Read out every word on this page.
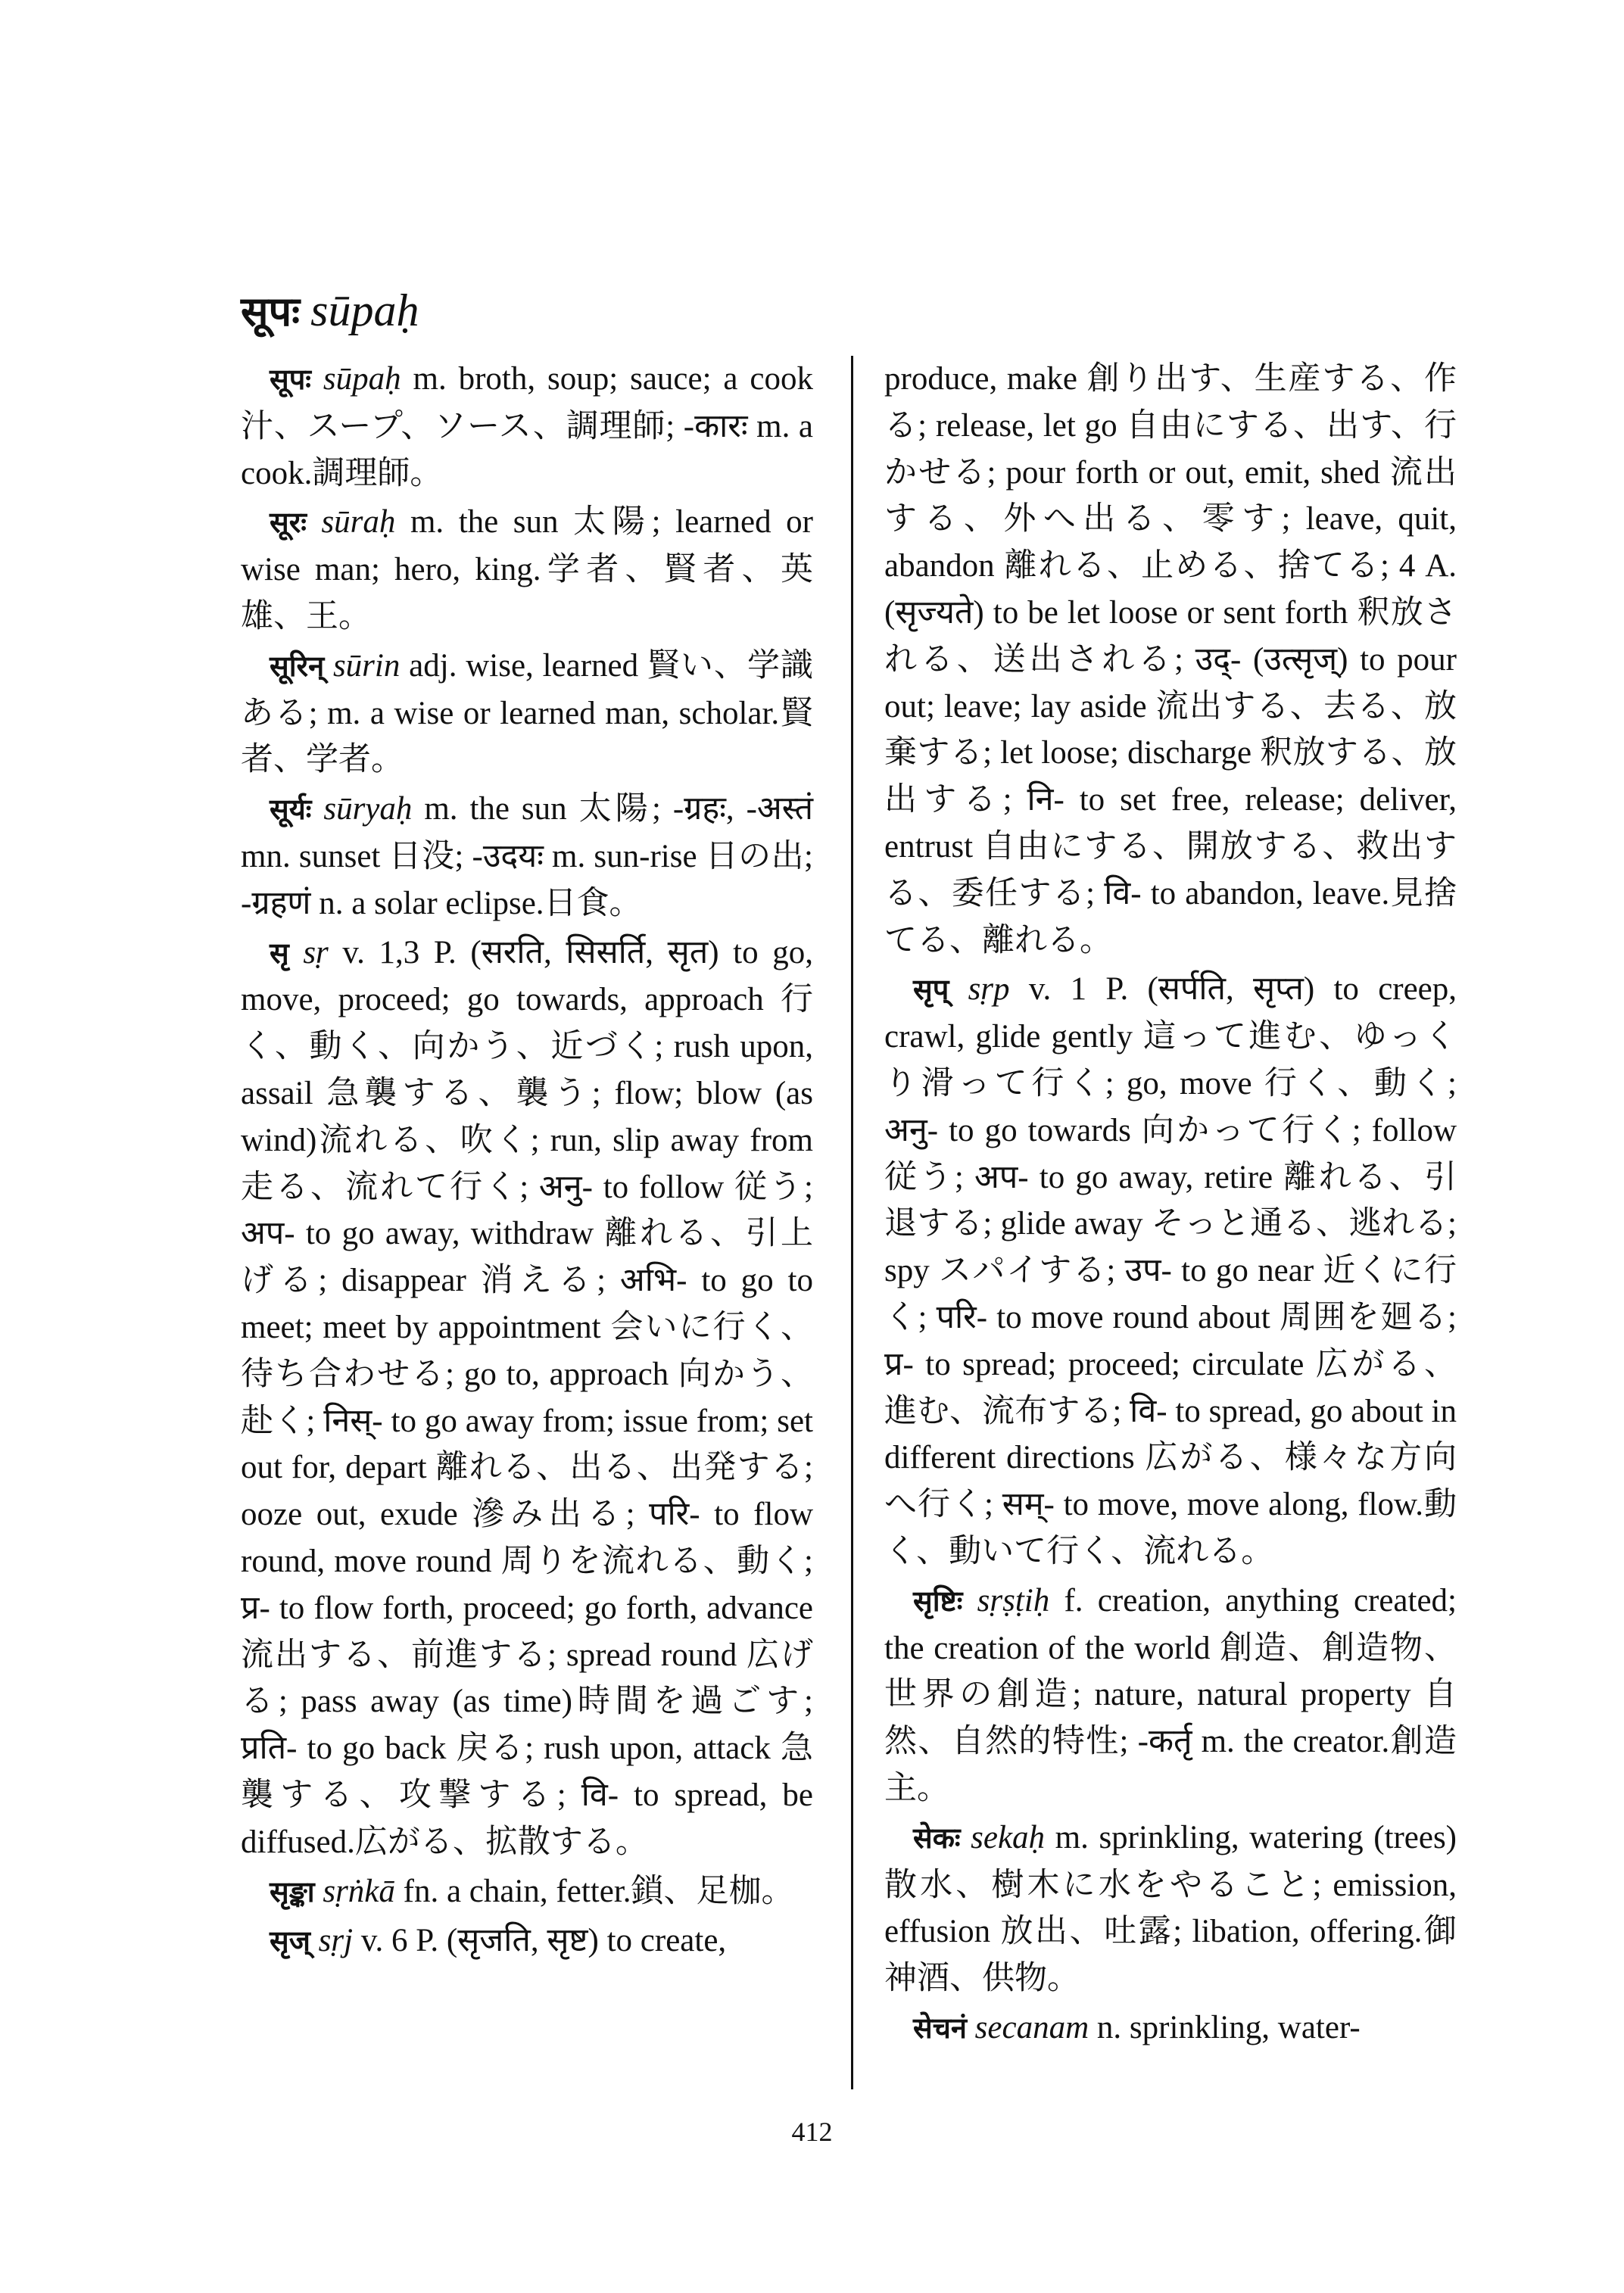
सूपः sūpaḥ

सूपः sūpaḥ m. broth, soup; sauce; a cook汁、スープ、ソース、調理師; -कारः m. a cook.調理師。

सूरः sūraḥ m. the sun 太陽; learned or wise man; hero, king.学者、賢者、英雄、王。

सूरिन् sūrin adj. wise, learned 賢い、学識ある; m. a wise or learned man, scholar.賢者、学者。

सूर्यः sūryaḥ m. the sun 太陽; -ग्रहः, -अस्तं mn. sunset 日没; -उदयः m. sun-rise 日の出; -ग्रहणं n. a solar eclipse.日食。

सृ sṛ v. 1,3 P. (सरति, सिसर्ति, सृत) to go, move, proceed; go towards, approach 行く、動く、向かう、近づく; rush upon, assail 急襲する、襲う; flow; blow (as wind)流れる、吹く; run, slip away from 走る、流れて行く; अनु- to follow 従う; अप- to go away, withdraw 離れる、引上げる; disappear 消える; अभि- to go to meet; meet by appointment 会いに行く、待ち合わせる; go to, approach 向かう、赴く; निस्- to go away from; issue from; set out for, depart 離れる、出る、出発する; ooze out, exude 滲み出る; परि- to flow round, move round 周りを流れる、動く; प्र- to flow forth, proceed; go forth, advance 流出する、前進する; spread round 広げる; pass away (as time)時間を過ごす; प्रति- to go back 戻る; rush upon, attack 急襲する、攻撃する; वि- to spread, be diffused.広がる、拡散する。

सृङ्का sṛṅkā fn. a chain, fetter.鎖、足枷。

सृज् sṛj v. 6 P. (सृजति, सृष्ट) to create,

produce, make 創り出す、生産する、作る; release, let go 自由にする、出す、行かせる; pour forth or out, emit, shed 流出する、外へ出る、零す; leave, quit, abandon 離れる、止める、捨てる; 4 A. (सृज्यते) to be let loose or sent forth 釈放される、送出される; उद्- (उत्सृज्) to pour out; leave; lay aside 流出する、去る、放棄する; let loose; discharge 釈放する、放出する; नि- to set free, release; deliver, entrust 自由にする、開放する、救出する、委任する; वि- to abandon, leave.見捨てる、離れる。

सृप् sṛp v. 1 P. (सर्पति, सृप्त) to creep, crawl, glide gently 這って進む、ゆっくり滑って行く; go, move 行く、動く; अनु- to go towards 向かって行く; follow 従う; अप- to go away, retire 離れる、引退する; glide away そっと通る、逃れる; spy スパイする; उप- to go near 近くに行く; परि- to move round about 周囲を廻る; प्र- to spread; proceed; circulate 広がる、進む、流布する; वि- to spread, go about in different directions 広がる、様々な方向へ行く; सम्- to move, move along, flow.動く、動いて行く、流れる。

सृष्टिः sṛṣṭiḥ f. creation, anything created; the creation of the world 創造、創造物、世界の創造; nature, natural property 自然、自然的特性; -कर्तृ m. the creator.創造主。

सेकः sekaḥ m. sprinkling, watering (trees) 散水、樹木に水をやること; emission, effusion 放出、吐露; libation, offering.御神酒、供物。

सेचनं secanam n. sprinkling, water-

412
